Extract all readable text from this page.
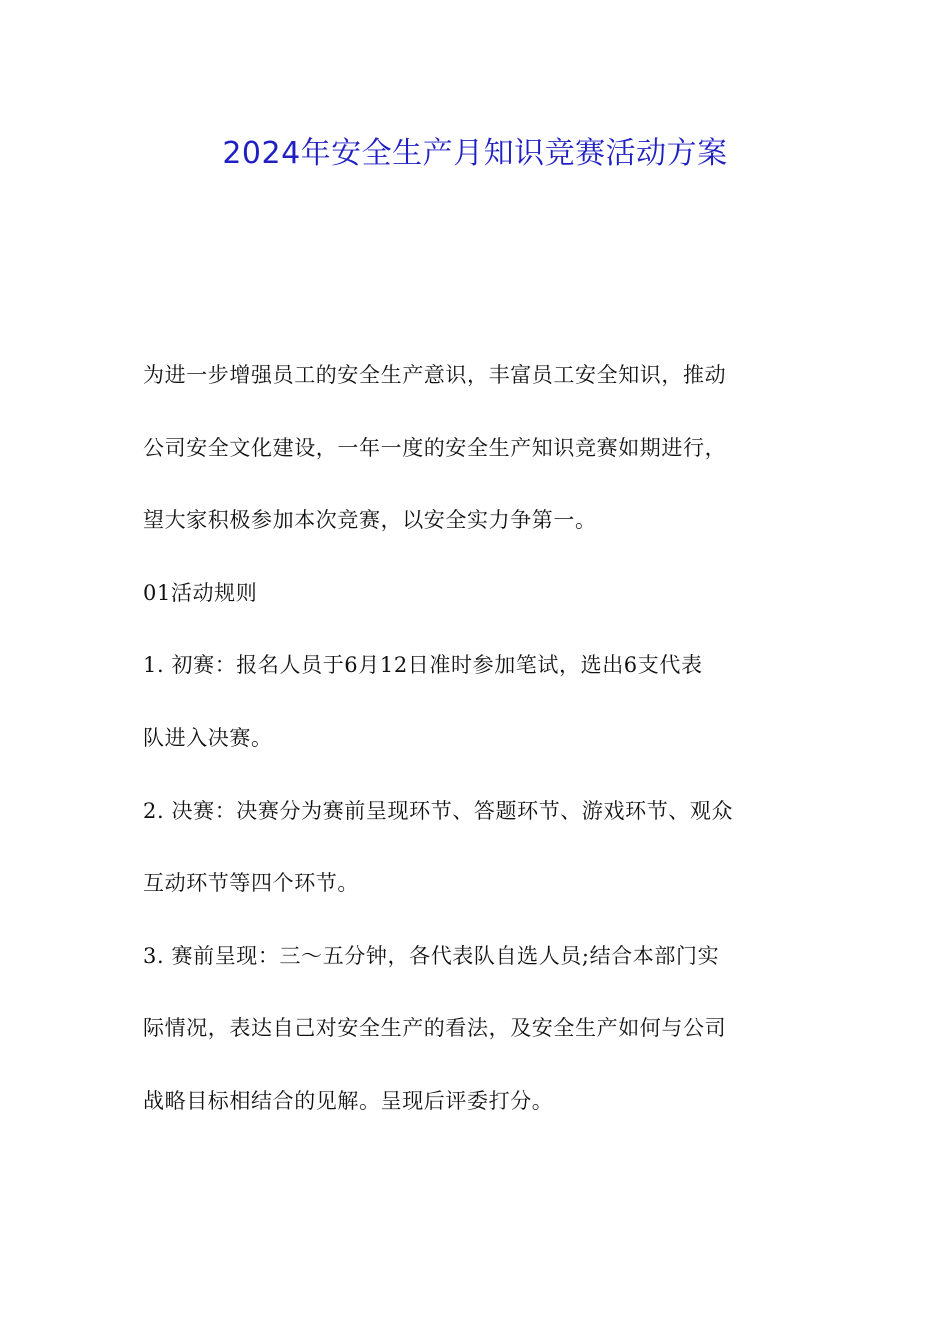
2024年安全生产月知识竞赛活动方案

为进一步增强员工的安全生产意识，丰富员工安全知识，推动

公司安全文化建设，一年一度的安全生产知识竞赛如期进行，

望大家积极参加本次竞赛，以安全实力争第一。

01活动规则

1. 初赛：报名人员于6月12日准时参加笔试，选出6支代表

队进入决赛。

2. 决赛：决赛分为赛前呈现环节、答题环节、游戏环节、观众

互动环节等四个环节。

3. 赛前呈现：三～五分钟，各代表队自选人员;结合本部门实

际情况，表达自己对安全生产的看法，及安全生产如何与公司

战略目标相结合的见解。呈现后评委打分。
